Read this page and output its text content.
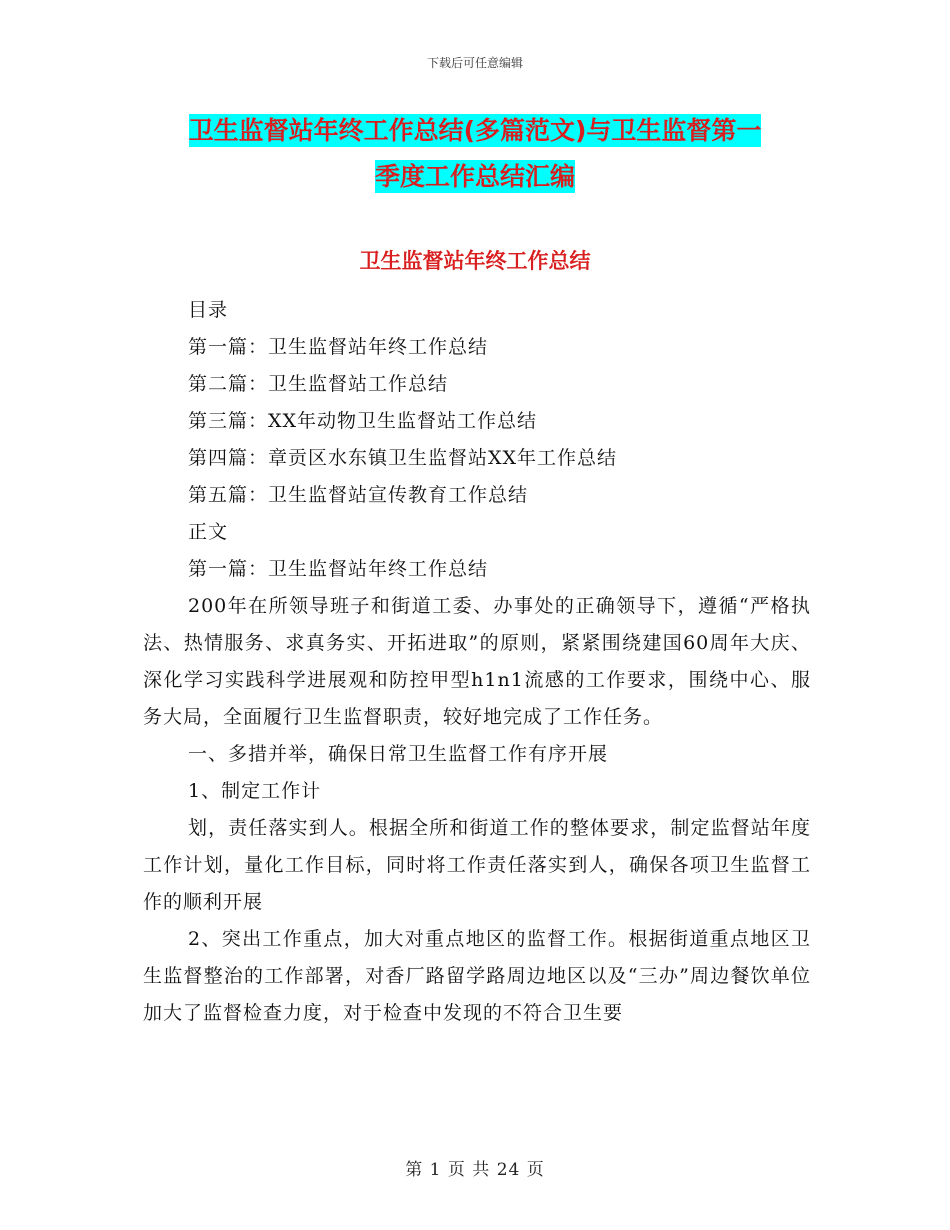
下载后可任意编辑
卫生监督站年终工作总结(多篇范文)与卫生监督第一
季度工作总结汇编
卫生监督站年终工作总结

目录

第一篇：卫生监督站年终工作总结

第二篇：卫生监督站工作总结

第三篇：XX年动物卫生监督站工作总结

第四篇：章贡区水东镇卫生监督站XX年工作总结

第五篇：卫生监督站宣传教育工作总结

正文

第一篇：卫生监督站年终工作总结

200年在所领导班子和街道工委、办事处的正确领导下，遵循“严格执法、热情服务、求真务实、开拓进取”的原则，紧紧围绕建国60周年大庆、深化学习实践科学进展观和防控甲型h1n1流感的工作要求，围绕中心、服务大局，全面履行卫生监督职责，较好地完成了工作任务。

一、多措并举，确保日常卫生监督工作有序开展

1、制定工作计

划，责任落实到人。根据全所和街道工作的整体要求，制定监督站年度工作计划，量化工作目标，同时将工作责任落实到人，确保各项卫生监督工作的顺利开展

2、突出工作重点，加大对重点地区的监督工作。根据街道重点地区卫生监督整治的工作部署，对香厂路留学路周边地区以及“三办”周边餐饮单位加大了监督检查力度，对于检查中发现的不符合卫生要

第 1 页 共 24 页
